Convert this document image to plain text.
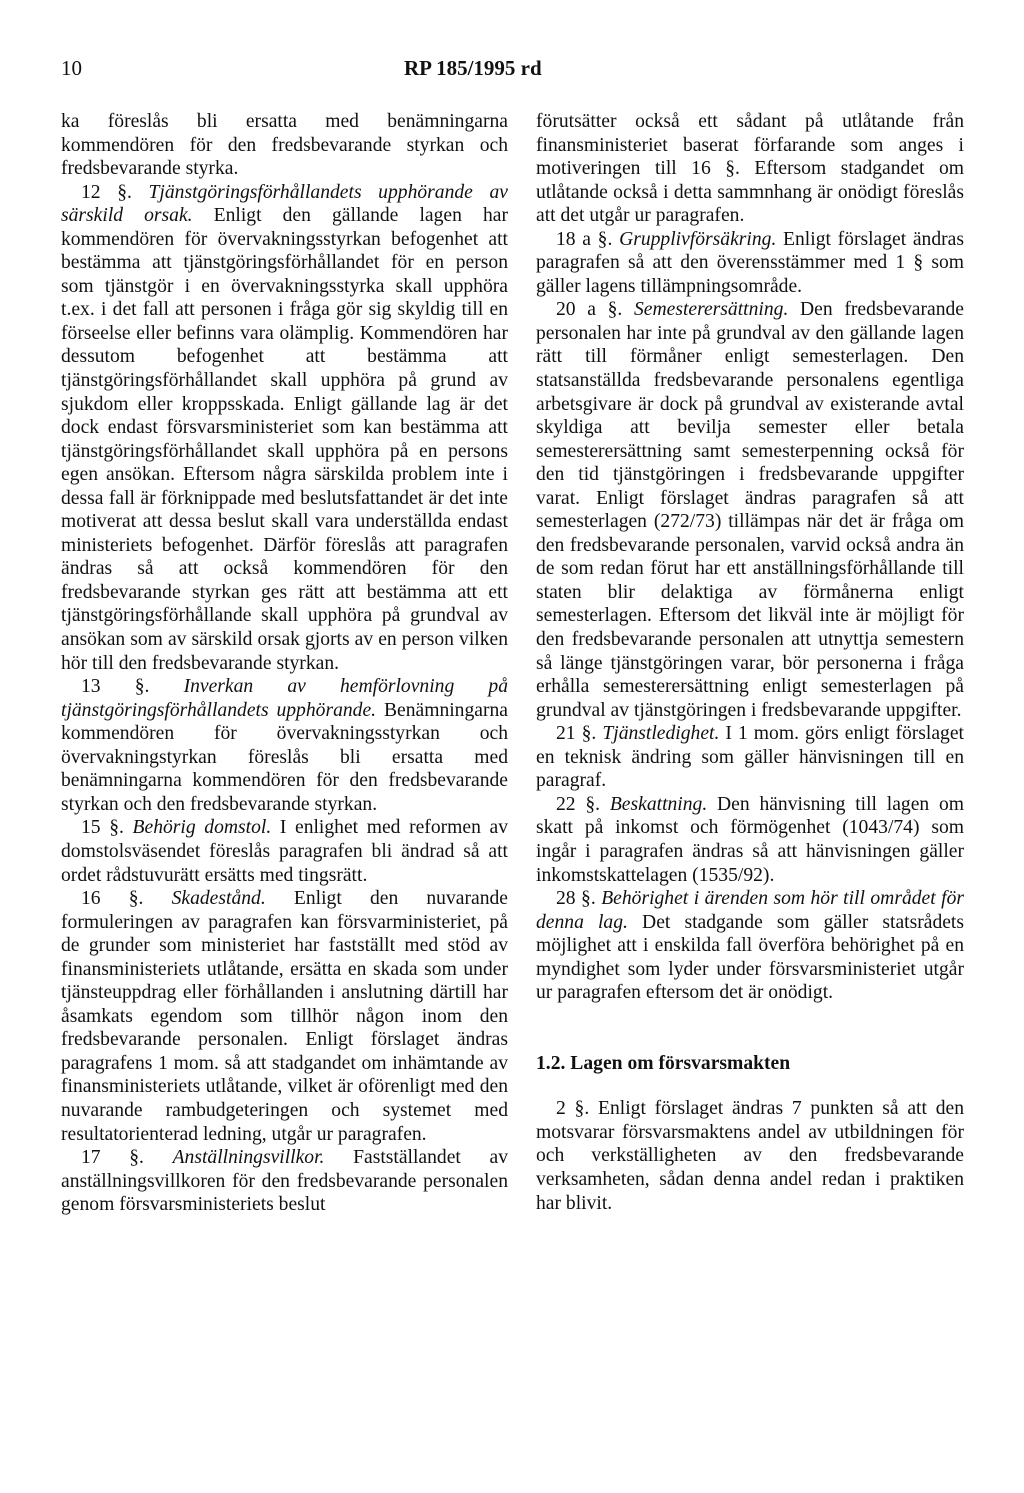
10	RP 185/1995 rd

ka föreslås bli ersatta med benämningarna kommendören för den fredsbevarande styrkan och fredsbevarande styrka.

12 §. Tjänstgöringsförhållandets upphörande av särskild orsak. Enligt den gällande lagen har kommendören för övervakningsstyrkan befogenhet att bestämma att tjänstgöringsförhållandet för en person som tjänstgör i en övervakningsstyrka skall upphöra t.ex. i det fall att personen i fråga gör sig skyldig till en förseelse eller befinns vara olämplig. Kommendören har dessutom befogenhet att bestämma att tjänstgöringsförhållandet skall upphöra på grund av sjukdom eller kroppsskada. Enligt gällande lag är det dock endast försvarsministeriet som kan bestämma att tjänstgöringsförhållandet skall upphöra på en persons egen ansökan. Eftersom några särskilda problem inte i dessa fall är förknippade med beslutsfattandet är det inte motiverat att dessa beslut skall vara underställda endast ministeriets befogenhet. Därför föreslås att paragrafen ändras så att också kommendören för den fredsbevarande styrkan ges rätt att bestämma att ett tjänstgöringsförhållande skall upphöra på grundval av ansökan som av särskild orsak gjorts av en person vilken hör till den fredsbevarande styrkan.

13 §. Inverkan av hemförlovning på tjänstgöringsförhållandets upphörande. Benämningarna kommendören för övervakningsstyrkan och övervakningstyrkan föreslås bli ersatta med benämningarna kommendören för den fredsbevarande styrkan och den fredsbevarande styrkan.

15 §. Behörig domstol. I enlighet med reformen av domstolsväsendet föreslås paragrafen bli ändrad så att ordet rådstuvurätt ersätts med tingsrätt.

16 §. Skadestånd. Enligt den nuvarande formuleringen av paragrafen kan försvarministeriet, på de grunder som ministeriet har fastställt med stöd av finansministeriets utlåtande, ersätta en skada som under tjänsteuppdrag eller förhållanden i anslutning därtill har åsamkats egendom som tillhör någon inom den fredsbevarande personalen. Enligt förslaget ändras paragrafens 1 mom. så att stadgandet om inhämtande av finansministeriets utlåtande, vilket är oförenligt med den nuvarande rambudgeteringen och systemet med resultatorienterad ledning, utgår ur paragrafen.

17 §. Anställningsvillkor. Fastställandet av anställningsvillkoren för den fredsbevarande personalen genom försvarsministeriets beslut

förutsätter också ett sådant på utlåtande från finansministeriet baserat förfarande som anges i motiveringen till 16 §. Eftersom stadgandet om utlåtande också i detta sammnhang är onödigt föreslås att det utgår ur paragrafen.

18 a §. Grupplivförsäkring. Enligt förslaget ändras paragrafen så att den överensstämmer med 1 § som gäller lagens tillämpningsområde.

20 a §. Semesterersättning. Den fredsbevarande personalen har inte på grundval av den gällande lagen rätt till förmåner enligt semesterlagen. Den statsanställda fredsbevarande personalens egentliga arbetsgivare är dock på grundval av existerande avtal skyldiga att bevilja semester eller betala semesterersättning samt semesterpenning också för den tid tjänstgöringen i fredsbevarande uppgifter varat. Enligt förslaget ändras paragrafen så att semesterlagen (272/73) tillämpas när det är fråga om den fredsbevarande personalen, varvid också andra än de som redan förut har ett anställningsförhållande till staten blir delaktiga av förmånerna enligt semesterlagen. Eftersom det likväl inte är möjligt för den fredsbevarande personalen att utnyttja semestern så länge tjänstgöringen varar, bör personerna i fråga erhålla semesterersättning enligt semesterlagen på grundval av tjänstgöringen i fredsbevarande uppgifter.

21 §. Tjänstledighet. I 1 mom. görs enligt förslaget en teknisk ändring som gäller hänvisningen till en paragraf.

22 §. Beskattning. Den hänvisning till lagen om skatt på inkomst och förmögenhet (1043/74) som ingår i paragrafen ändras så att hänvisningen gäller inkomstskattelagen (1535/92).

28 §. Behörighet i ärenden som hör till området för denna lag. Det stadgande som gäller statsrådets möjlighet att i enskilda fall överföra behörighet på en myndighet som lyder under försvarsministeriet utgår ur paragrafen eftersom det är onödigt.

1.2. Lagen om försvarsmakten

2 §. Enligt förslaget ändras 7 punkten så att den motsvarar försvarsmaktens andel av utbildningen för och verkställigheten av den fredsbevarande verksamheten, sådan denna andel redan i praktiken har blivit.
